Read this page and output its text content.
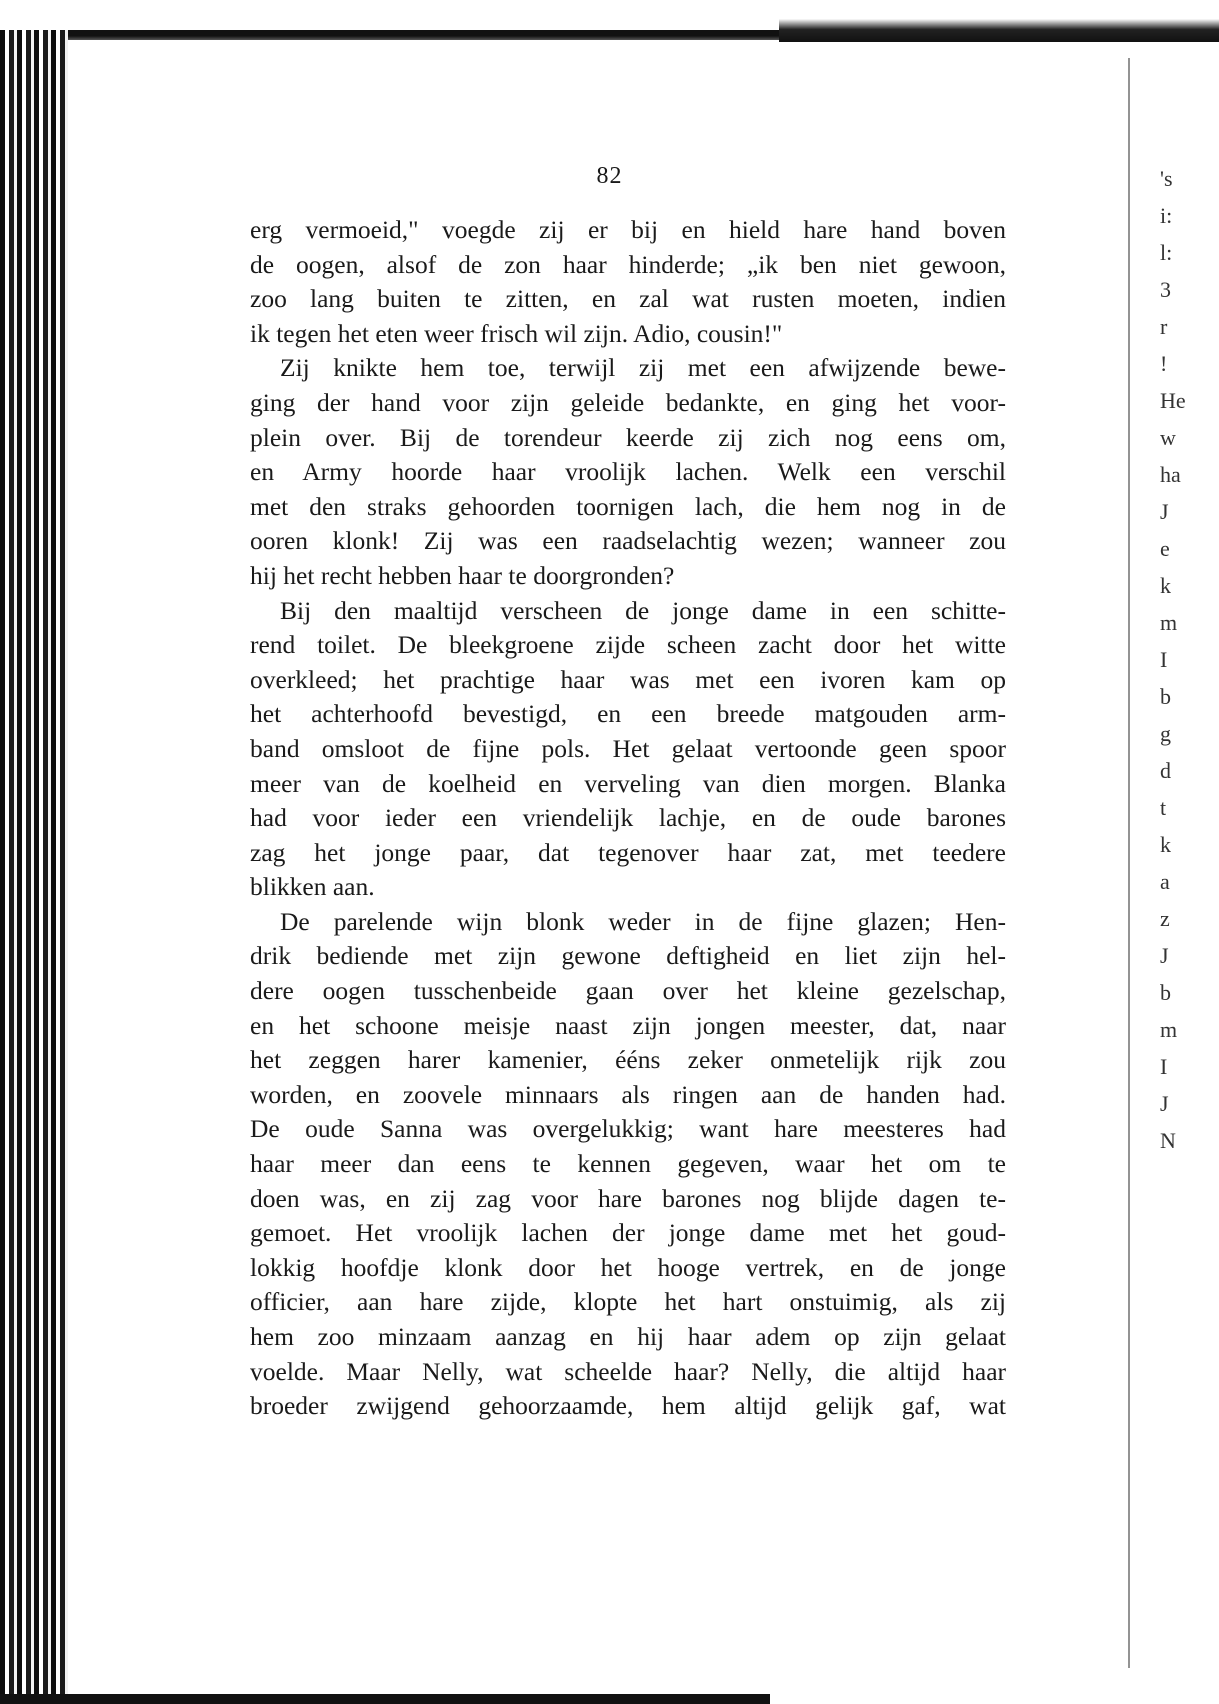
82
erg vermoeid," voegde zij er bij en hield hare hand boven
de oogen, alsof de zon haar hinderde; „ik ben niet gewoon,
zoo lang buiten te zitten, en zal wat rusten moeten, indien
ik tegen het eten weer frisch wil zijn. Adio, cousin!"
Zij knikte hem toe, terwijl zij met een afwijzende bewe-
ging der hand voor zijn geleide bedankte, en ging het voor-
plein over. Bij de torendeur keerde zij zich nog eens om,
en Army hoorde haar vroolijk lachen. Welk een verschil
met den straks gehoorden toornigen lach, die hem nog in de
ooren klonk! Zij was een raadselachtig wezen; wanneer zou
hij het recht hebben haar te doorgronden?
Bij den maaltijd verscheen de jonge dame in een schitte-
rend toilet. De bleekgroene zijde scheen zacht door het witte
overkleed; het prachtige haar was met een ivoren kam op
het achterhoofd bevestigd, en een breede matgouden arm-
band omsloot de fijne pols. Het gelaat vertoonde geen spoor
meer van de koelheid en verveling van dien morgen. Blanka
had voor ieder een vriendelijk lachje, en de oude barones
zag het jonge paar, dat tegenover haar zat, met teedere
blikken aan.
De parelende wijn blonk weder in de fijne glazen; Hen-
drik bediende met zijn gewone deftigheid en liet zijn hel-
dere oogen tusschenbeide gaan over het kleine gezelschap,
en het schoone meisje naast zijn jongen meester, dat, naar
het zeggen harer kamenier, ééns zeker onmetelijk rijk zou
worden, en zoovele minnaars als ringen aan de handen had.
De oude Sanna was overgelukkig; want hare meesteres had
haar meer dan eens te kennen gegeven, waar het om te
doen was, en zij zag voor hare barones nog blijde dagen te-
gemoet. Het vroolijk lachen der jonge dame met het goud-
lokkig hoofdje klonk door het hooge vertrek, en de jonge
officier, aan hare zijde, klopte het hart onstuimig, als zij
hem zoo minzaam aanzag en hij haar adem op zijn gelaat
voelde. Maar Nelly, wat scheelde haar? Nelly, die altijd haar
broeder zwijgend gehoorzaamde, hem altijd gelijk gaf, wat
's
i:
l:
3
r
!
He
w
ha
J
e
k
m
I
b
g
d
t
k
a
z
J
b
m
I
J
N
